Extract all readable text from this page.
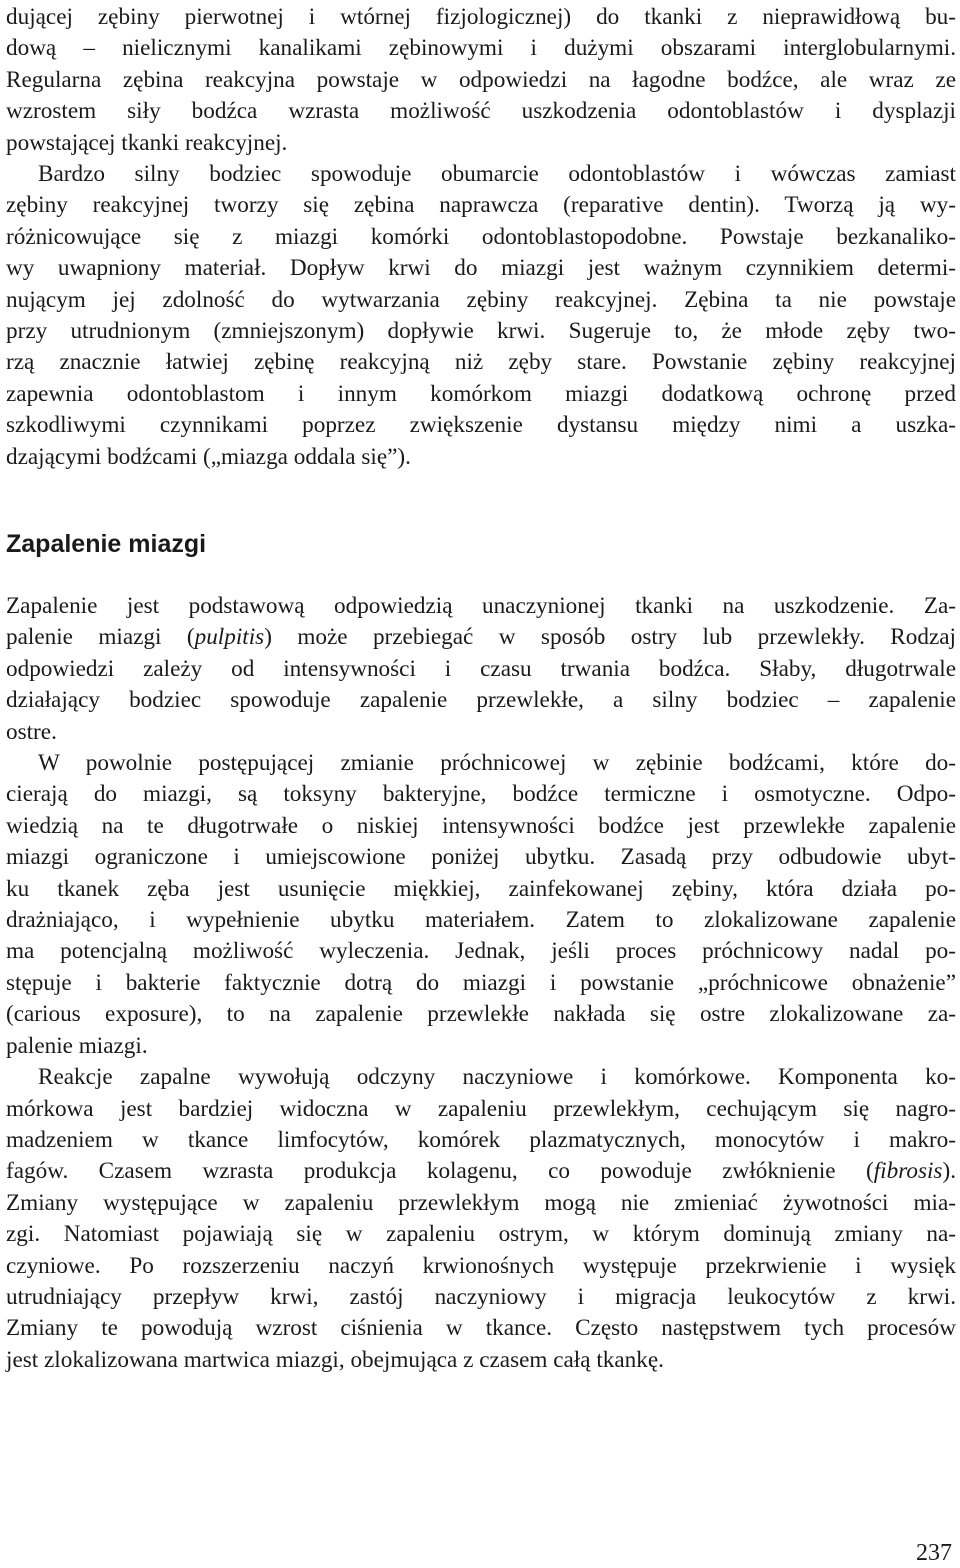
dującej zębiny pierwotnej i wtórnej fizjologicznej) do tkanki z nieprawidłową bu-
dową – nielicznymi kanalikami zębinowymi i dużymi obszarami interglobularnymi.
Regularna zębina reakcyjna powstaje w odpowiedzi na łagodne bodźce, ale wraz ze
wzrostem siły bodźca wzrasta możliwość uszkodzenia odontoblastów i dysplazji
powstającej tkanki reakcyjnej.
Bardzo silny bodziec spowoduje obumarcie odontoblastów i wówczas zamiast
zębiny reakcyjnej tworzy się zębina naprawcza (reparative dentin). Tworzą ją wy-
różnicowujące się z miazgi komórki odontoblastopodobne. Powstaje bezkanaliko-
wy uwapniony materiał. Dopływ krwi do miazgi jest ważnym czynnikiem determi-
nującym jej zdolność do wytwarzania zębiny reakcyjnej. Zębina ta nie powstaje
przy utrudnionym (zmniejszonym) dopływie krwi. Sugeruje to, że młode zęby two-
rzą znacznie łatwiej zębinę reakcyjną niż zęby stare. Powstanie zębiny reakcyjnej
zapewnia odontoblastom i innym komórkom miazgi dodatkową ochronę przed
szkodliwymi czynnikami poprzez zwiększenie dystansu między nimi a uszka-
dzającymi bodźcami („miazga oddala się”).
Zapalenie miazgi
Zapalenie jest podstawową odpowiedzią unaczynionej tkanki na uszkodzenie. Za-
palenie miazgi (pulpitis) może przebiegać w sposób ostry lub przewlekły. Rodzaj
odpowiedzi zależy od intensywności i czasu trwania bodźca. Słaby, długotrwale
działający bodziec spowoduje zapalenie przewlekłe, a silny bodziec – zapalenie
ostre.
W powolnie postępującej zmianie próchnicowej w zębinie bodźcami, które do-
cierają do miazgi, są toksyny bakteryjne, bodźce termiczne i osmotyczne. Odpo-
wiedzią na te długotrwałe o niskiej intensywności bodźce jest przewlekłe zapalenie
miazgi ograniczone i umiejscowione poniżej ubytku. Zasadą przy odbudowie ubyt-
ku tkanek zęba jest usunięcie miękkiej, zainfekowanej zębiny, która działa po-
drażniająco, i wypełnienie ubytku materiałem. Zatem to zlokalizowane zapalenie
ma potencjalną możliwość wyleczenia. Jednak, jeśli proces próchnicowy nadal po-
stępuje i bakterie faktycznie dotrą do miazgi i powstanie „próchnicowe obnażenie”
(carious exposure), to na zapalenie przewlekłe nakłada się ostre zlokalizowane za-
palenie miazgi.
Reakcje zapalne wywołują odczyny naczyniowe i komórkowe. Komponenta ko-
mórkowa jest bardziej widoczna w zapaleniu przewlekłym, cechującym się nagro-
madzeniem w tkance limfocytów, komórek plazmatycznych, monocytów i makro-
fagów. Czasem wzrasta produkcja kolagenu, co powoduje zwłóknienie (fibrosis).
Zmiany występujące w zapaleniu przewlekłym mogą nie zmieniać żywotności mia-
zgi. Natomiast pojawiają się w zapaleniu ostrym, w którym dominują zmiany na-
czyniowe. Po rozszerzeniu naczyń krwionośnych występuje przekrwienie i wysięk
utrudniający przepływ krwi, zastój naczyniowy i migracja leukocytów z krwi.
Zmiany te powodują wzrost ciśnienia w tkance. Często następstwem tych procesów
jest zlokalizowana martwica miazgi, obejmująca z czasem całą tkankę.
237
